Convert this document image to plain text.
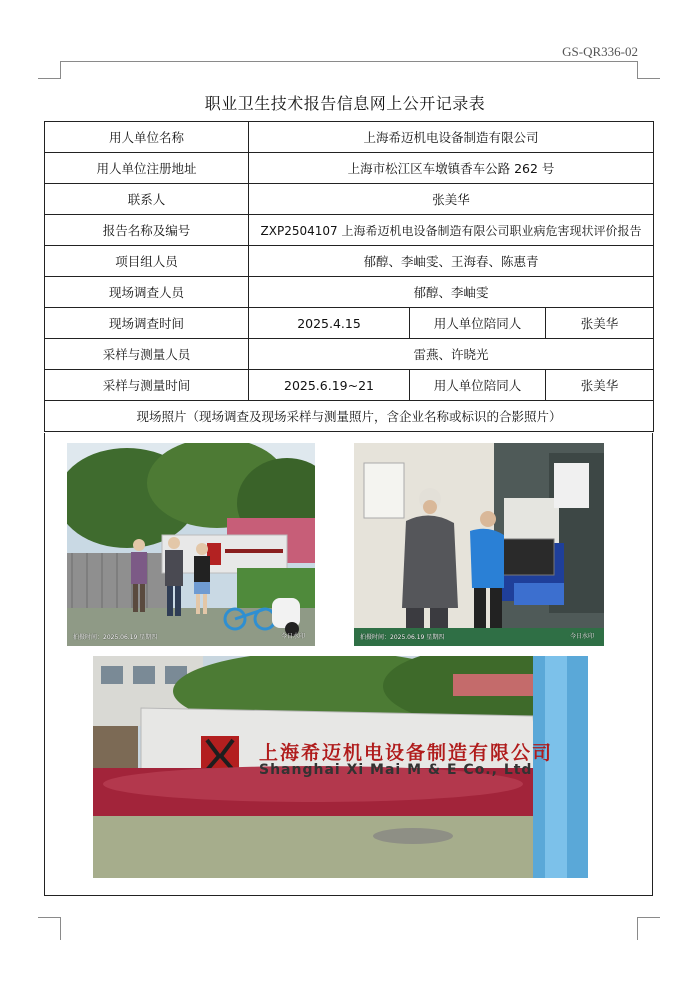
GS-QR336-02
职业卫生技术报告信息网上公开记录表
用人单位名称	上海希迈机电设备制造有限公司		
用人单位注册地址	上海市松江区车墩镇香车公路 262 号		
联系人	张美华		
报告名称及编号	ZXP2504107 上海希迈机电设备制造有限公司职业病危害现状评价报告		
项目组人员	郁醇、李岫雯、王海春、陈惠青		
现场调查人员	郁醇、李岫雯		
现场调查时间	2025.4.15	用人单位陪同人	张美华
采样与测量人员	雷燕、许晓光		
采样与测量时间	2025.6.19~21	用人单位陪同人	张美华
现场照片（现场调查及现场采样与测量照片，含企业名称或标识的合影照片）			
拍摄时间：2025.06.19 星期四	今日水印	拍摄时间：2025.06.19 星期四	今日水印
上海希迈机电设备制造有限公司
Shanghai Xi Mai M & E Co., Ltd
